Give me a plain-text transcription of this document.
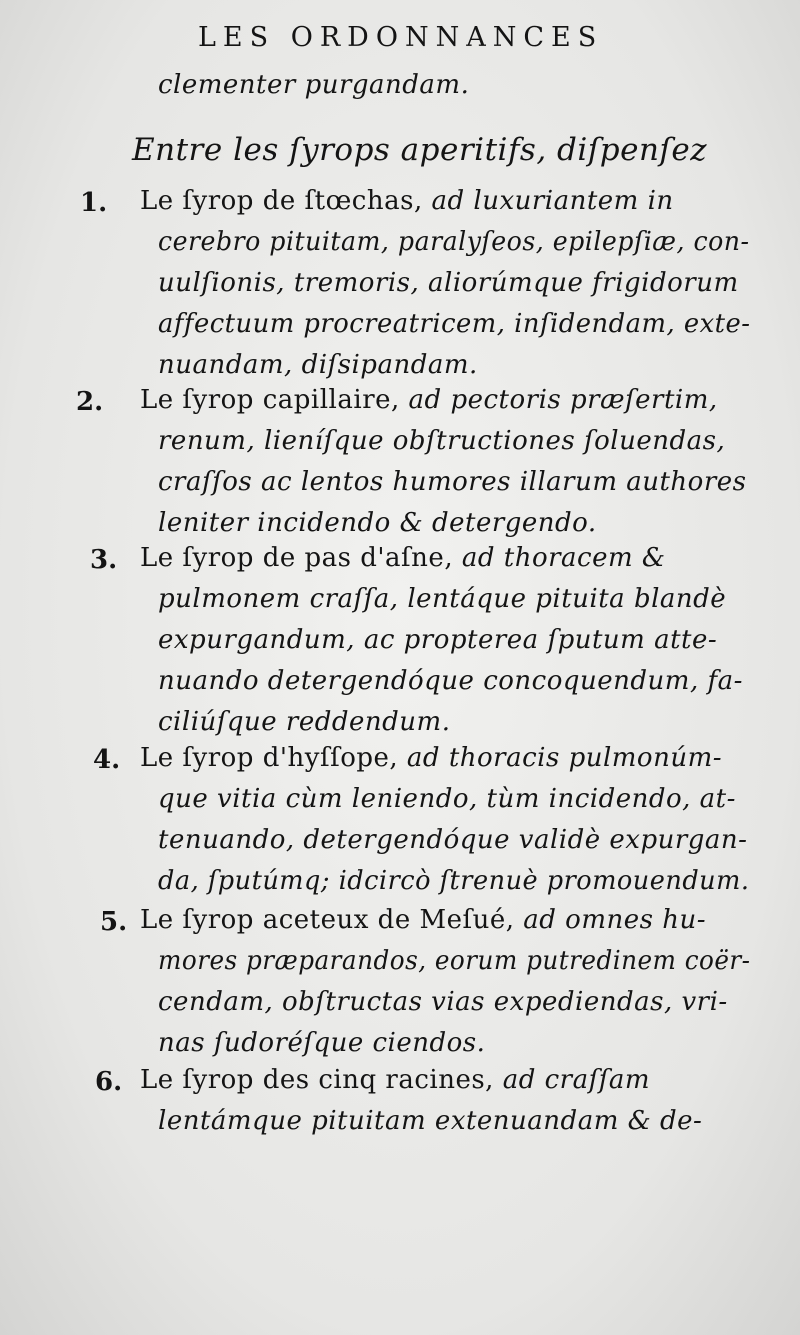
LES ORDONNANCES
clementer purgandam.
Entre les ſyrops aperitifs, diſpenſez
1. Le ſyrop de ſtœchas, ad luxuriantem in
cerebro pituitam, paralyſeos, epilepſiæ, con-
uulſionis, tremoris, aliorúmque frigidorum
affectuum procreatricem, inſidendam, exte-
nuandam, diſsipandam.
2. Le ſyrop capillaire, ad pectoris præſertim,
renum, lieníſque obſtructiones ſoluendas,
craſſos ac lentos humores illarum authores
leniter incidendo & detergendo.
3. Le ſyrop de pas d'aſne, ad thoracem &
pulmonem craſſa, lentáque pituita blandè
expurgandum, ac propterea ſputum atte-
nuando detergendóque concoquendum, fa-
ciliúſque reddendum.
4. Le ſyrop d'hyſſope, ad thoracis pulmonúm-
que vitia cùm leniendo, tùm incidendo, at-
tenuando, detergendóque validè expurgan-
da, ſputúmq; idcircò ſtrenuè promouendum.
5. Le ſyrop aceteux de Meſué, ad omnes hu-
mores præparandos, eorum putredinem coër-
cendam, obſtructas vias expediendas, vri-
nas ſudoréſque ciendos.
6. Le ſyrop des cinq racines, ad craſſam
lentámque pituitam extenuandam & de-
